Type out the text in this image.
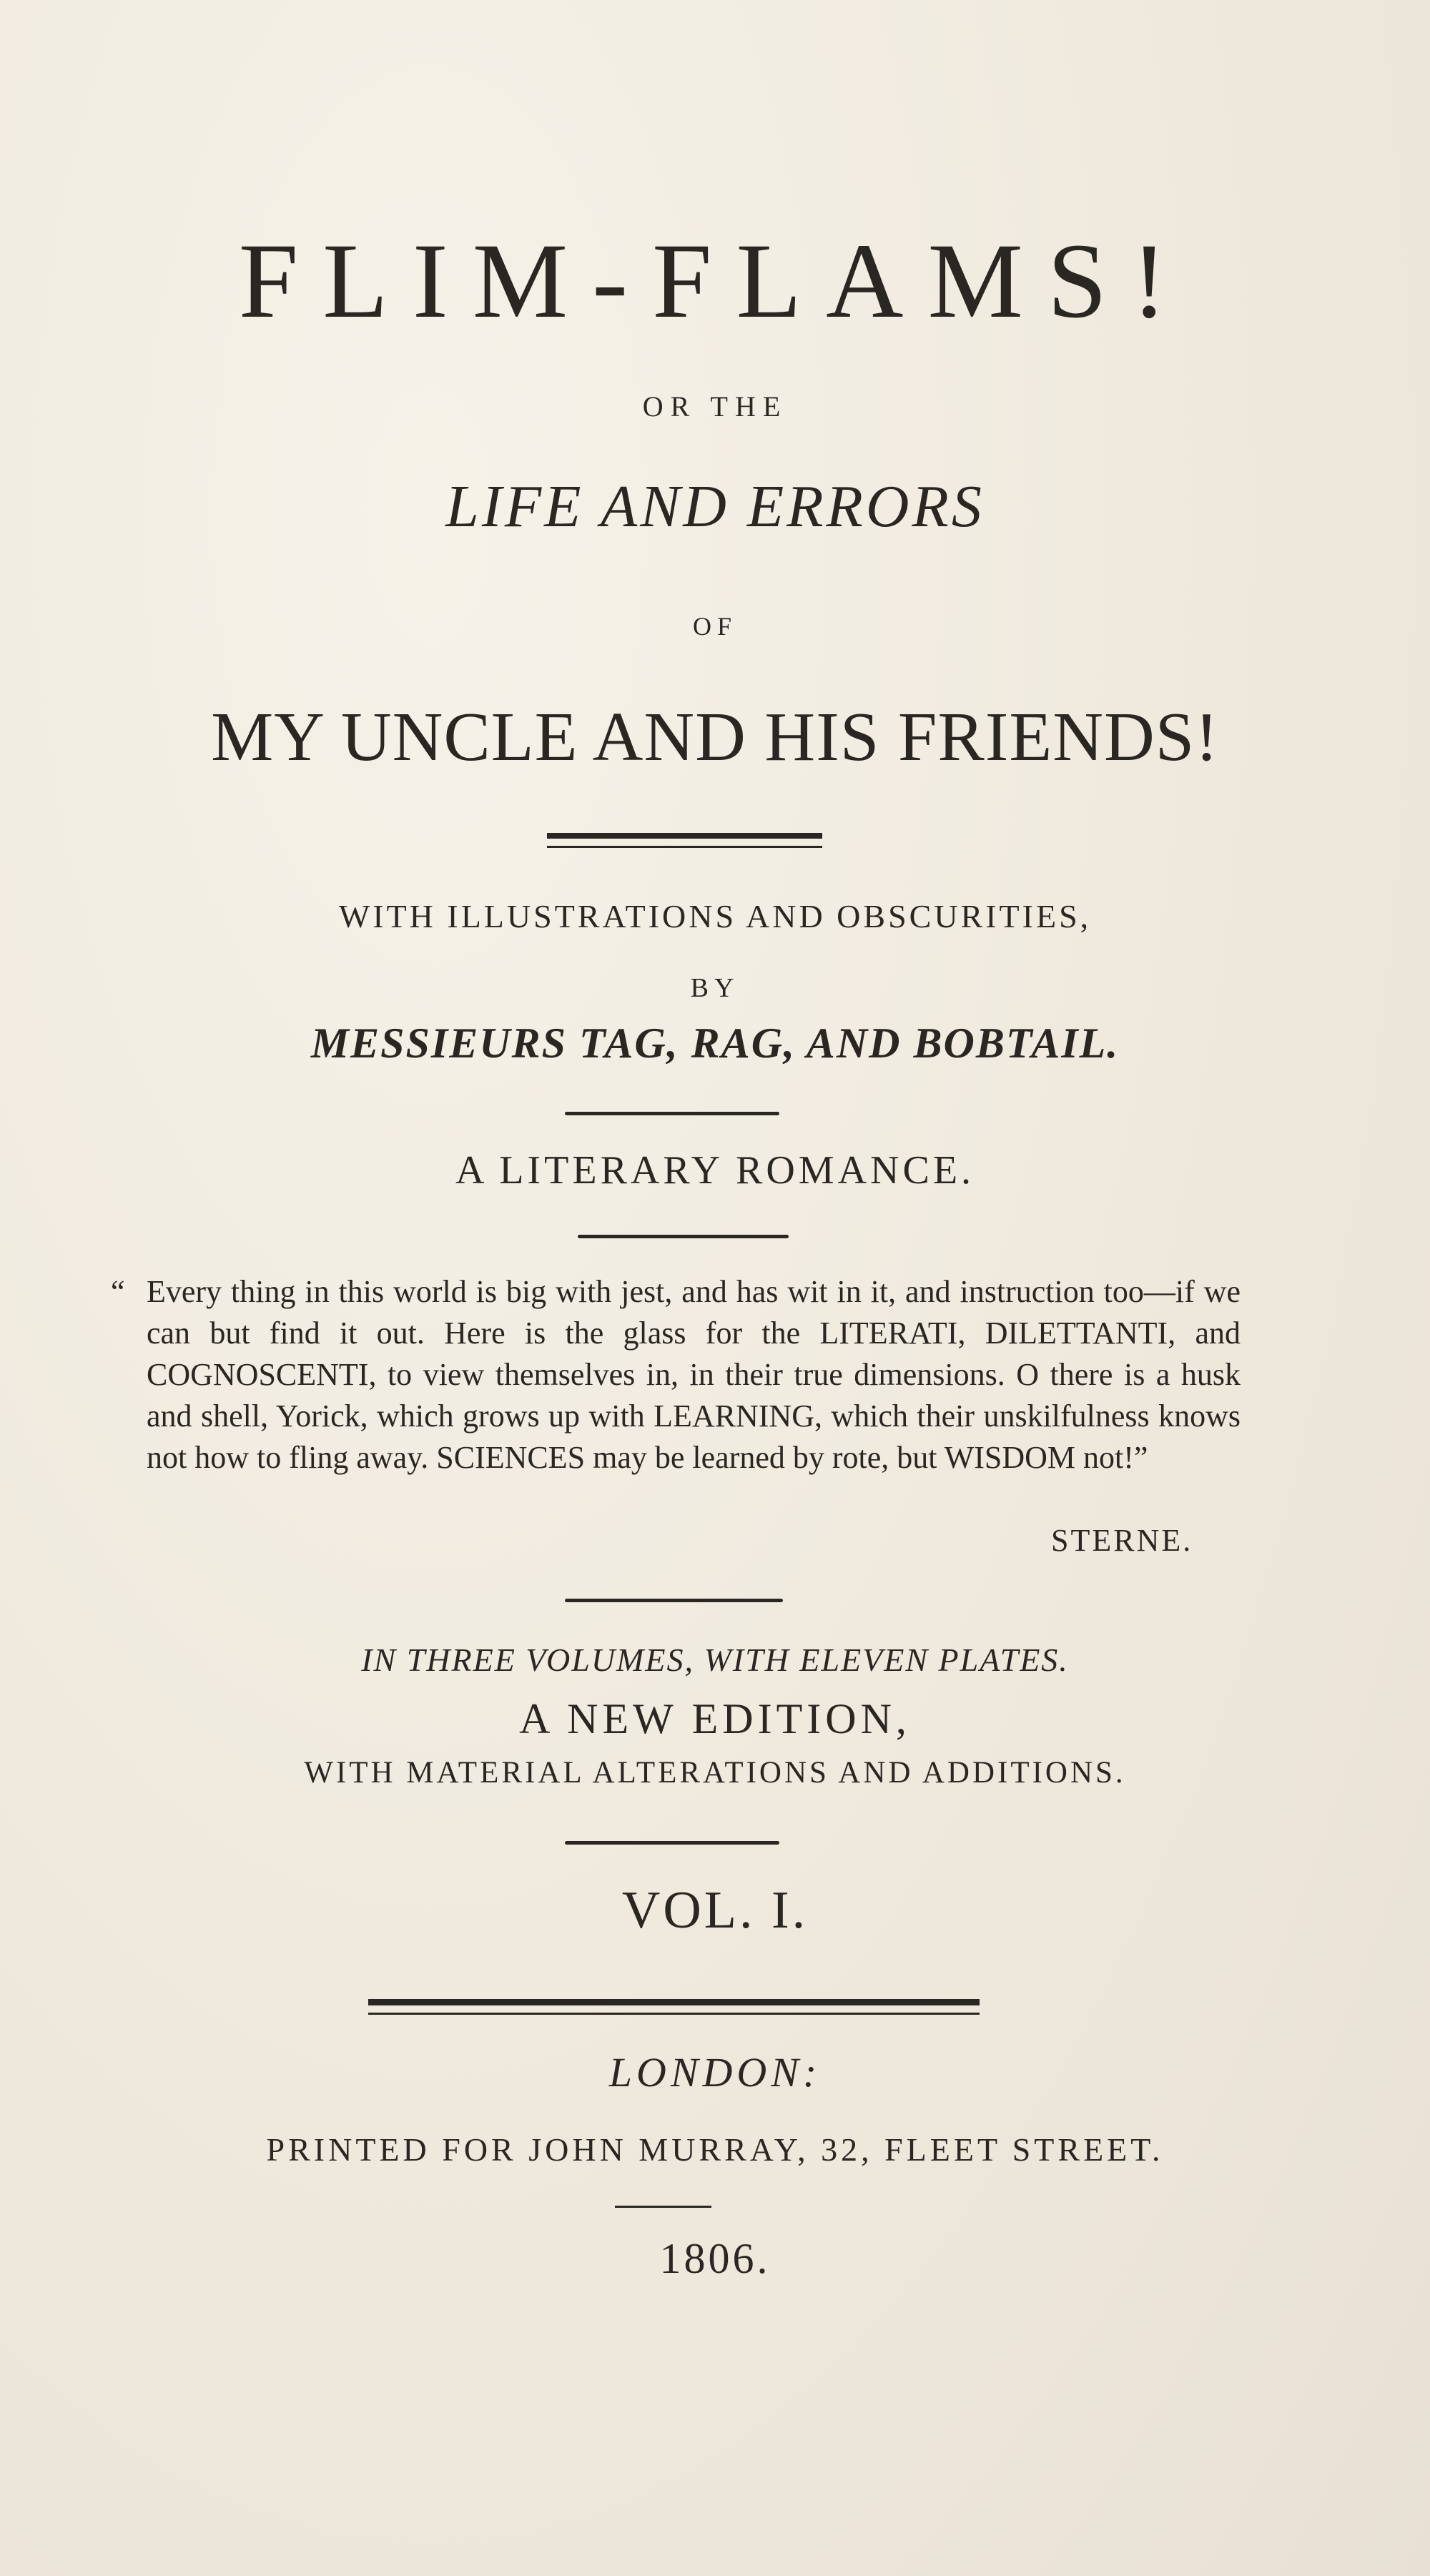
FLIM-FLAMS!
OR THE
LIFE AND ERRORS
OF
MY UNCLE AND HIS FRIENDS!
WITH ILLUSTRATIONS AND OBSCURITIES,
BY
MESSIEURS TAG, RAG, AND BOBTAIL.
A LITERARY ROMANCE.
“ Every thing in this world is big with jest, and has wit in it, and instruction too—if we can but find it out. Here is the glass for the LITERATI, DILETTANTI, and COGNOSCENTI, to view themselves in, in their true dimensions. O there is a husk and shell, Yorick, which grows up with LEARNING, which their unskilfulness knows not how to fling away. SCIENCES may be learned by rote, but WISDOM not!”
STERNE.
IN THREE VOLUMES, WITH ELEVEN PLATES.
A NEW EDITION,
WITH MATERIAL ALTERATIONS AND ADDITIONS.
VOL. I.
LONDON:
PRINTED FOR JOHN MURRAY, 32, FLEET STREET.
1806.
